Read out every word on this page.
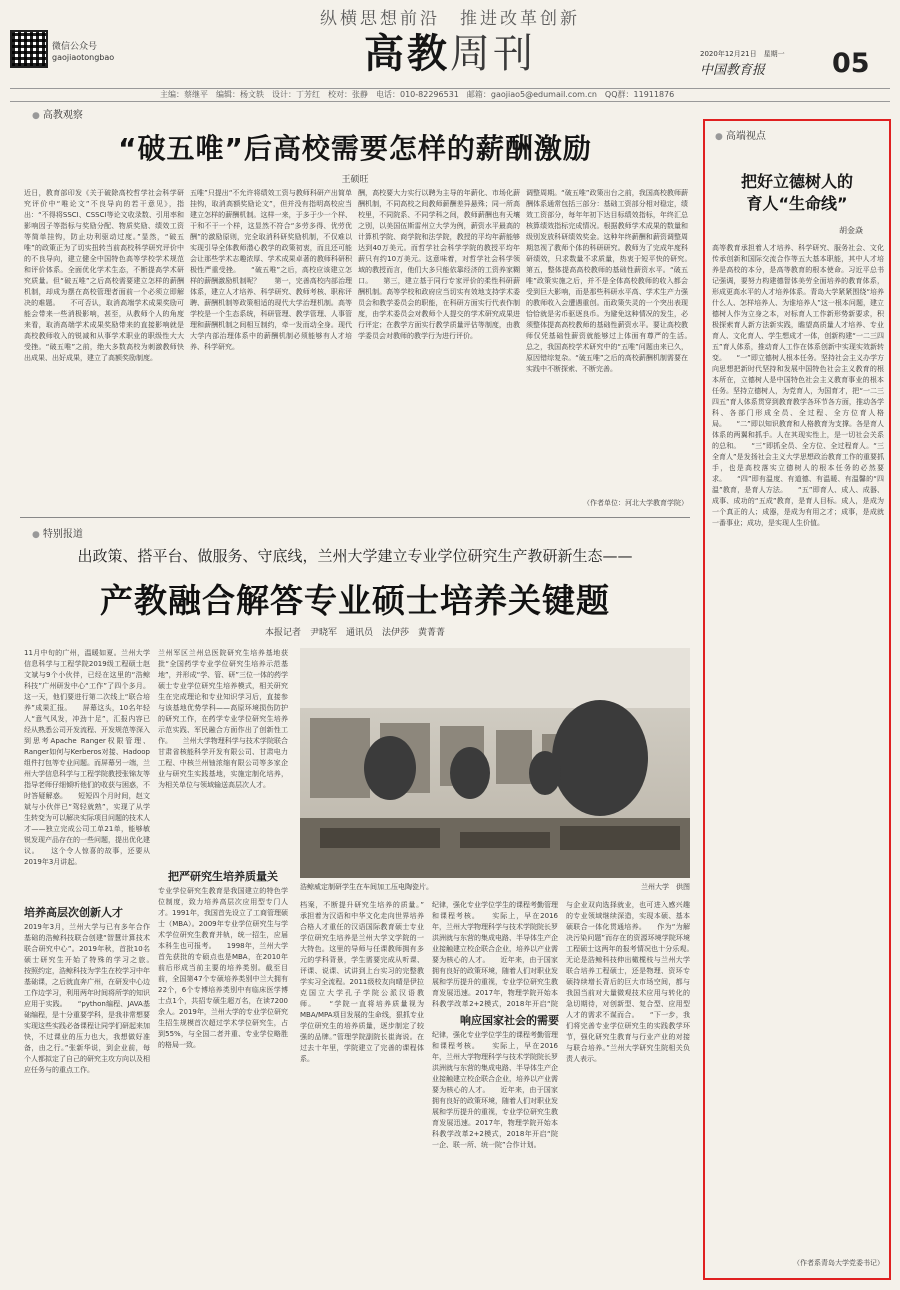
纵横思想前沿　推进改革创新
高教周刊
微信公众号
gaojiaotongbao	2020年12月21日　星期一
中国教育报 05
主编：蔡继平　编辑：杨文轶　设计：丁芳红　校对：张静　电话：010-82296531　邮箱：gaojiao5@edumail.com.cn　QQ群：11911876
● 高教观察
“破五唯”后高校需要怎样的薪酬激励
王硕旺
近日，教育部印发《关于破除高校哲学社会科学研究评价中“唯论文”不良导向的若干意见》，指出：“不得将SSCI、CSSCI等论文收录数、引用率和影响因子等指标与奖励分配、物质奖励、绩效工资等简单挂钩，防止功利驱动过度。”显然，“破五唯”的政策正为了切实扭转当前高校科学研究评价中的不良导向，建立健全中国特色高等学校学术规范和评价体系。全面优化学术生态，不断提高学术研究质量。但“破五唯”之后高校需要建立怎样的薪酬机制，却成为摆在高校管理者面前一个必须立即解决的难题。　　不可否认，取消高端学术成果奖励可能会带来一些消极影响，甚至，从教师个人的角度来看，取消高端学术成果奖励带来的直接影响就是高校教师收入的锐减和从事学术职业的职级性大大受挫。“破五唯”之前，绝大多数高校为刺激教师快出成果、出好成果，建立了高额奖励制度。
五唯”只提出“不允许将绩效工资与教师科研产出简单挂钩，取消高额奖励论文”，但并没有指明高校应当建立怎样的薪酬机制。这样一来，于多于少一个样、干和不干一个样，这显然不符合“多劳多得、优劳优酬”的激励原则，完全取消科研奖励机制，不仅难以实现引导全体教师潜心教学的政策初衷，而且还可能会让那些学术志趣浓厚、学术成果卓著的教师科研积极性严重受挫。　　“破五唯”之后，高校应该建立怎样的薪酬激励机制呢？　　第一，完善高校内部治理体系，建立人才培养、科学研究、教师考核、职称评聘、薪酬机制等政策相适的现代大学治理机制。高等学校是一个生态系统，科研管理、教学管理、人事管理和薪酬机制之间相互制约，牵一发而动全身。现代大学内部治理体系中的薪酬机制必须能够有人才培养、科学研究。
酬，高校要大力实行以聘为主导的年薪化、市场化薪酬机制，不同高校之间教师薪酬差异悬殊；同一所高校里，不同院系、不同学科之间，教师薪酬也有天壤之别，以美国伍斯雷州立大学为例，薪资水平最高的计算机学院、商学院和法学院，教授的平均年薪能够达到40万美元。而哲学社会科学学院的教授平均年薪只有约10万美元。这意味着，对哲学社会科学领域的教授而言，他们大多只能依靠经济的工资养家糊口。　　第三，建立基于同行专家评价的柔性科研薪酬机制。高等学校和政府应当切实有效地支持学术委员会和教学委员会的职能，在科研方面实行代表作制度，由学术委员会对教师个人提交的学术研究成果进行评定；在教学方面实行教学质量评估等制度，由教学委员会对教师的教学行为进行评价。
调整周期。“破五唯”政策出台之前，我国高校教师薪酬体系通常包括三部分：基础工资部分相对稳定，绩效工资部分，每年年初下达目标绩效指标，年终汇总核算绩效指标完成情况。根据教师学术成果的数量和级别发放科研绩效奖金。这种年终薪酬和薪资调整周期忽视了教师个体的科研研究。教师为了完成年度科研绩效，只求数量不求质量，热衷于短平快的研究。　　第五，整体提高高校教师的基础性薪资水平。“破五唯”政策实施之后，并不是全体高校教师的收入都会受到巨大影响，而是那些科研水平高、学术生产力强的教师收入会遭遇重创。而政策失灵的一个突出表现恰恰就是劣币驱逐良币。为避免这种情况的发生，必须整体提高高校教师的基础性薪资水平。要让高校教师仅凭基础性薪资就能够过上体面有尊严的生活。　　总之，我国高校学术研究中的“五唯”问题由来已久，原因错综复杂。“破五唯”之后的高校薪酬机制需要在实践中不断探索、不断完善。
（作者单位：河北大学教育学院）
● 特别报道
出政策、搭平台、做服务、守底线，兰州大学建立专业学位研究生产教研新生态——
产教融合解答专业硕士培养关键题
本报记者　尹晓军　通讯员　法伊莎　黄菁菁
11月中旬的广州，温暖如夏。兰州大学信息科学与工程学院2019级工程硕士赵文斌与9个小伙伴，已经在这里的“浩鲸科技”广州研发中心“工作”了四个多月。这一天，他们要进行第二次线上“联合培养”成果汇报。　　屏幕这头，10名年轻人“意气风发，冲劲十足”，汇报内容已经从熟悉公司开发流程、开发规范等深入到思考Apache Ranger权限管理、Ranger如何与Kerberos对接、Hadoop组件打包等专业问题。而屏幕另一端，兰州大学信息科学与工程学院教授张锦友等指导老师仔细倾听他们的收获与困惑，不时答疑解惑。　　短短四个月时间，赵文斌与小伙伴已“驾轻就熟”，实现了从学生转变为可以解决实际项目问题的技术人才——独立完成公司工单21单，能够敏锐发现产品存在的一些问题，提出优化建议。　　这个令人惊喜的故事，还要从2019年3月讲起。
培养高层次创新人才
2019年3月，兰州大学与已有多年合作基础的浩鲸科技联合创建“智慧计算技术联合研究中心”。2019年秋，首批10名硕士研究生开始了特殊的学习之旅。　　按照约定，浩鲸科技为学生在校学习中年基础课，之后就直奔广州，在研发中心边工作边学习，利用两年时间将所学的知识应用于实践。　　“python编程、JAVA基础编程，是十分重要学科，是我非常想要实现这些实践必备课程让同学们研起来加快，不过课业的压力也大，我想做好准备，由之行。”张新华说，到企业前，每个人都拟定了自己的研究主攻方向以及相应任务与的重点工作。
兰州军区兰州总医院研究生培养基地获批“全国药学专业学位研究生培养示范基地”，并形成“学、管、研”三位一体的药学硕士专业学位研究生培养模式，相关研究生在完成理论和专业知识学习后，直接参与该基地优势学科——高原环境损伤防护的研究工作，在药学专业学位研究生培养示范实践、军民融合方面作出了创新性工作。　　兰州大学物理科学与技术学院联合甘肃省核能科学开发有限公司、甘肃电力工程、中核兰州铀浓缩有限公司等多家企业与研究生实践基地，实施定制化培养，为相关单位与领域输送高层次人才。
把严研究生培养质量关
专业学位研究生教育是我国建立的特色学位制度，致力培养高层次应用型专门人才。1991年，我国首先设立了工商管理硕士（MBA）。2009年专业学位研究生与学术学位研究生教育并轨，统一招生，应届本科生也可报考。　　1998年，兰州大学首先获批的专硕点也是MBA，在2010年前后形成当前主要的培养类别。截至目前，全国第47个专硕培养类别中兰大拥有22个，6个专博培养类别中有临床医学博士点1个，共招专硕生超万名，在读7200余人。2019年，兰州大学的专业学位研究生招生规模首次超过学术学位研究生，占到55%，与全国二者并重、专业学位略胜的格局一致。
浩鲸威定制研学生在车间加工压电陶瓷片。	兰州大学　供图
档案，不断提升研究生培养的质量。”　　承担着为汉语和中华文化走向世界培养合格人才重任的汉语国际教育硕士专业学位研究生培养是兰州大学文学院的一大特色。这里的导师与任课教师拥有多元的学科背景，学生需要完成从听课、评课、说课、试讲到上台实习的完整教学实习全流程。2011级校友向晴是伊拉克国立大学孔子学院公派汉语教师。　　“学院一直将培养质量视为MBA/MPA项目发展的生命线，狠抓专业学位研究生的培养质量，逐步制定了较强的品牌。”管理学院副院长崔海说。在过去十年里，学院建立了完善的课程体系。
响应国家社会的需要
纪律，强化专业学位学生的课程考勤管理和课程考核。　　实际上，早在2016年，兰州大学物理科学与技术学院院长罗洪洲就与东营的集成电路、半导体生产企业接触建立校企联合企业，培养以产业需要为核心的人才。　　近年来，由于国家拥有良好的政策环境，随着人们对职业发展和学历提升的重视，专业学位研究生教育发展迅速。2017年，物理学院开始本科教学改革2+2模式，2018年开启“院
纪律，强化专业学位学生的课程考勤管理和课程考核。　　实际上，早在2016年，兰州大学物理科学与技术学院院长罗洪洲就与东营的集成电路、半导体生产企业接触建立校企联合企业，培养以产业需要为核心的人才。　　近年来，由于国家拥有良好的政策环境，随着人们对职业发展和学历提升的重视，专业学位研究生教育发展迅速。2017年，物理学院开始本科教学改革2+2模式，2018年开启“院一企、联一所、统一院”合作计划。
与企业双向选择就业，也可进入感兴趣的专业领域继续深造，实现本硕、基本硕联合一体化贯通培养。　　作为“为解决污染问题”而存在的资源环境学院环境工程硕士这两年的报考情况也十分乐观。　　无论是浩鲸科技伸出橄榄枝与兰州大学联合培养工程硕士，还是物理、资环专硕持续增长背后的巨大市场空间，都与我国当前对大量微观技术应用与转化的急切期待，对创新型、复合型、应用型人才的需求不谋而合。　　“下一步，我们将完善专业学位研究生的实践教学环节，强化研究生教育与行业产业的对接与联合培养。”兰州大学研究生院相关负责人表示。
● 高端视点
把好立德树人的
育人“生命线”
胡金焱
高等教育承担着人才培养、科学研究、服务社会、文化传承创新和国际交流合作等五大基本职能，其中人才培养是高校的本分，是高等教育的根本使命。习近平总书记强调，要努力构建德智体美劳全面培养的教育体系，形成更高水平的人才培养体系。青岛大学紧紧围绕“培养什么人、怎样培养人、为谁培养人”这一根本问题，建立德树人作为立身之本，对标育人工作新形势新要求，积极探索育人新方法新实践，瞻望高质量人才培养、专业育人、文化育人、学生想成才一体，创新构建“一二三四五”育人体系，推动育人工作在体系创新中实现实效新转变。　　“一”即立德树人根本任务。坚持社会主义办学方向思想把新时代坚持和发展中国特色社会主义教育的根本所在，立德树人是中国特色社会主义教育事业的根本任务。坚持立德树人，为党育人，为国育才，把“一二三四五”育人体系贯穿到教育教学各环节各方面，推动各学科、各部门形成全员、全过程、全方位育人格局。　　“二”即以知识教育和人格教育为支撑。各是育人体系的两翼和抓手。人在其现实性上，是一切社会关系的总和。　　“三”即抓全员、全方位、全过程育人。“三全育人”是发扬社会主义大学思想政治教育工作的重要抓手，也是高校落实立德树人的根本任务的必然要求。　　“四”即有温度、有道德、有温暖、有温馨的“四温”教育，是育人方法。　　“五”即育人、成人、成器、成事、成功的“五成”教育，是育人目标。成人，是成为一个真正的人；成器，是成为有用之才；成事，是成就一番事业；成功，是实现人生价值。
（作者系青岛大学党委书记）
